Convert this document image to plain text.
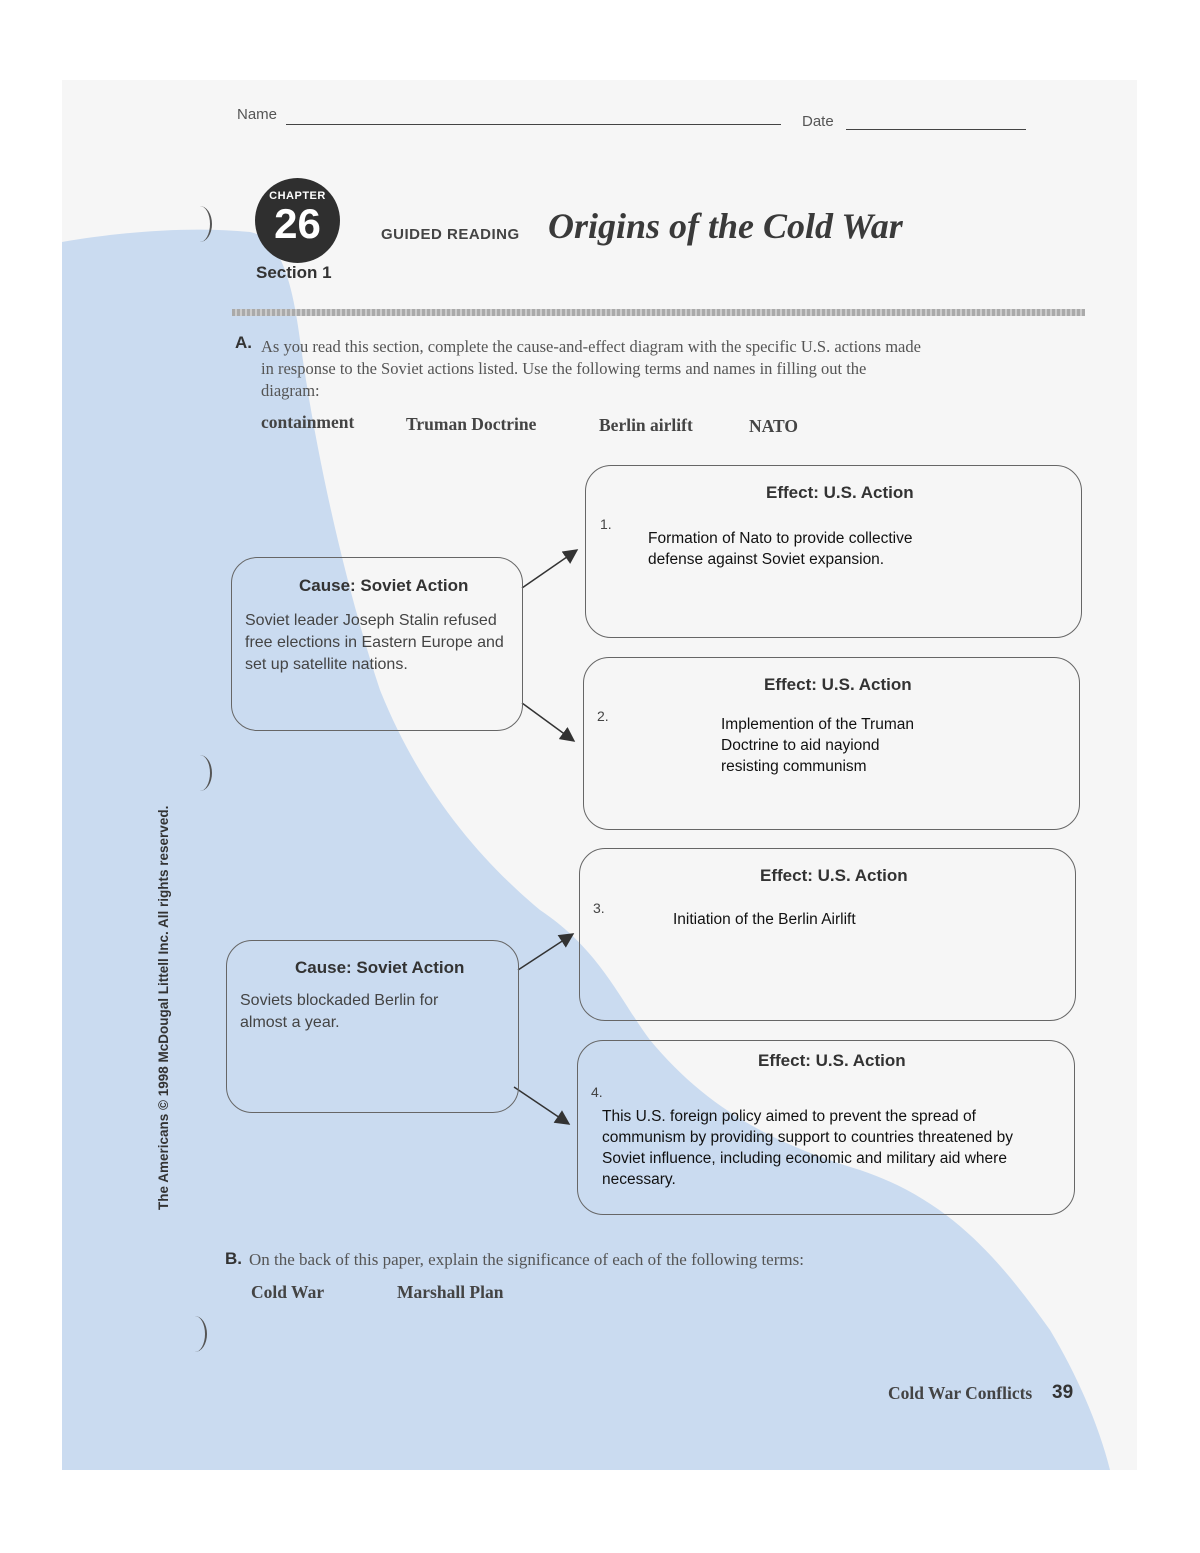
Name	Date
CHAPTER
26
Section 1
GUIDED READING Origins of the Cold War
A. As you read this section, complete the cause-and-effect diagram with the specific U.S. actions made in response to the Soviet actions listed. Use the following terms and names in filling out the diagram:
containment	Truman Doctrine	Berlin airlift	NATO
Cause: Soviet Action
Soviet leader Joseph Stalin refused free elections in Eastern Europe and set up satellite nations.
Cause: Soviet Action
Soviets blockaded Berlin for almost a year.
Effect: U.S. Action
1.
Formation of Nato to provide collective defense against Soviet expansion.
Effect: U.S. Action
2.	Implemention of the Truman Doctrine to aid nayiond resisting communism
Effect: U.S. Action
3.
Initiation of the Berlin Airlift
Effect: U.S. Action
4.
This U.S. foreign policy aimed to prevent the spread of communism by providing support to countries threatened by Soviet influence, including economic and military aid where necessary.
B. On the back of this paper, explain the significance of each of the following terms:
Cold War	Marshall Plan
Cold War Conflicts 39
The Americans © 1998 McDougal Littell Inc. All rights reserved.
